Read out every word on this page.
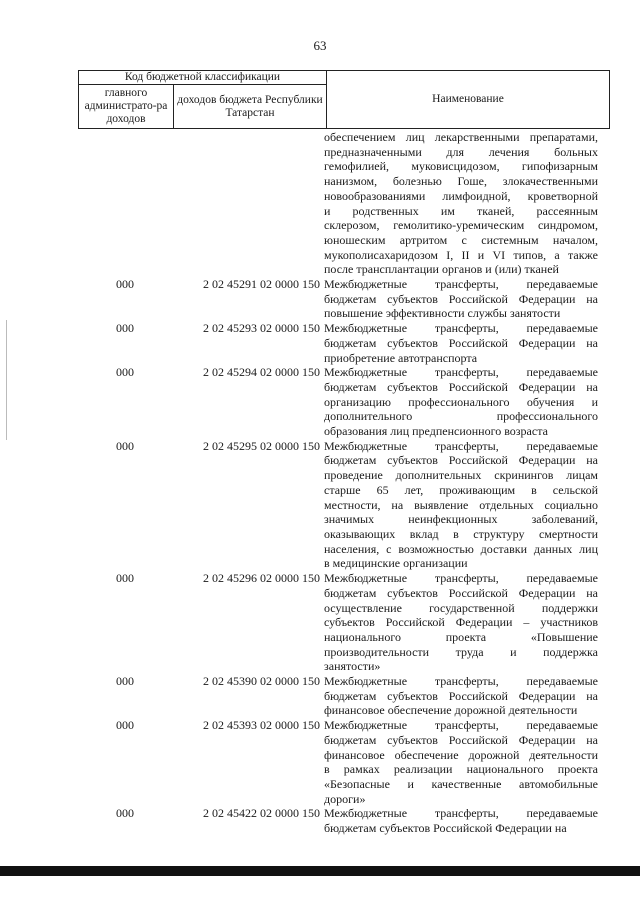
63
Код бюджетной классификации		Наименование
главного администрато-ра доходов	доходов бюджета Республики Татарстан	
обеспечением лиц лекарственными препаратами,
предназначенными для лечения больных
гемофилией, муковисцидозом, гипофизарным
нанизмом, болезнью Гоше, злокачественными
новообразованиями лимфоидной, кроветворной
и родственных им тканей, рассеянным
склерозом, гемолитико-уремическим синдромом,
юношеским артритом с системным началом,
мукополисахаридозом I, II и VI типов, а также
после трансплантации органов и (или) тканей
000	2 02 45291 02 0000 150 Межбюджетные трансферты, передаваемые
бюджетам субъектов Российской Федерации на
повышение эффективности службы занятости
000	2 02 45293 02 0000 150 Межбюджетные трансферты, передаваемые
бюджетам субъектов Российской Федерации на
приобретение автотранспорта
000	2 02 45294 02 0000 150 Межбюджетные трансферты, передаваемые
бюджетам субъектов Российской Федерации на
организацию профессионального обучения и
дополнительного профессионального
образования лиц предпенсионного возраста
000	2 02 45295 02 0000 150 Межбюджетные трансферты, передаваемые
бюджетам субъектов Российской Федерации на
проведение дополнительных скринингов лицам
старше 65 лет, проживающим в сельской
местности, на выявление отдельных социально
значимых неинфекционных заболеваний,
оказывающих вклад в структуру смертности
населения, с возможностью доставки данных лиц
в медицинские организации
000	2 02 45296 02 0000 150 Межбюджетные трансферты, передаваемые
бюджетам субъектов Российской Федерации на
осуществление государственной поддержки
субъектов Российской Федерации – участников
национального проекта «Повышение
производительности труда и поддержка
занятости»
000	2 02 45390 02 0000 150 Межбюджетные трансферты, передаваемые
бюджетам субъектов Российской Федерации на
финансовое обеспечение дорожной деятельности
000	2 02 45393 02 0000 150 Межбюджетные трансферты, передаваемые
бюджетам субъектов Российской Федерации на
финансовое обеспечение дорожной деятельности
в рамках реализации национального проекта
«Безопасные и качественные автомобильные
дороги»
000	2 02 45422 02 0000 150 Межбюджетные трансферты, передаваемые
бюджетам субъектов Российской Федерации на
